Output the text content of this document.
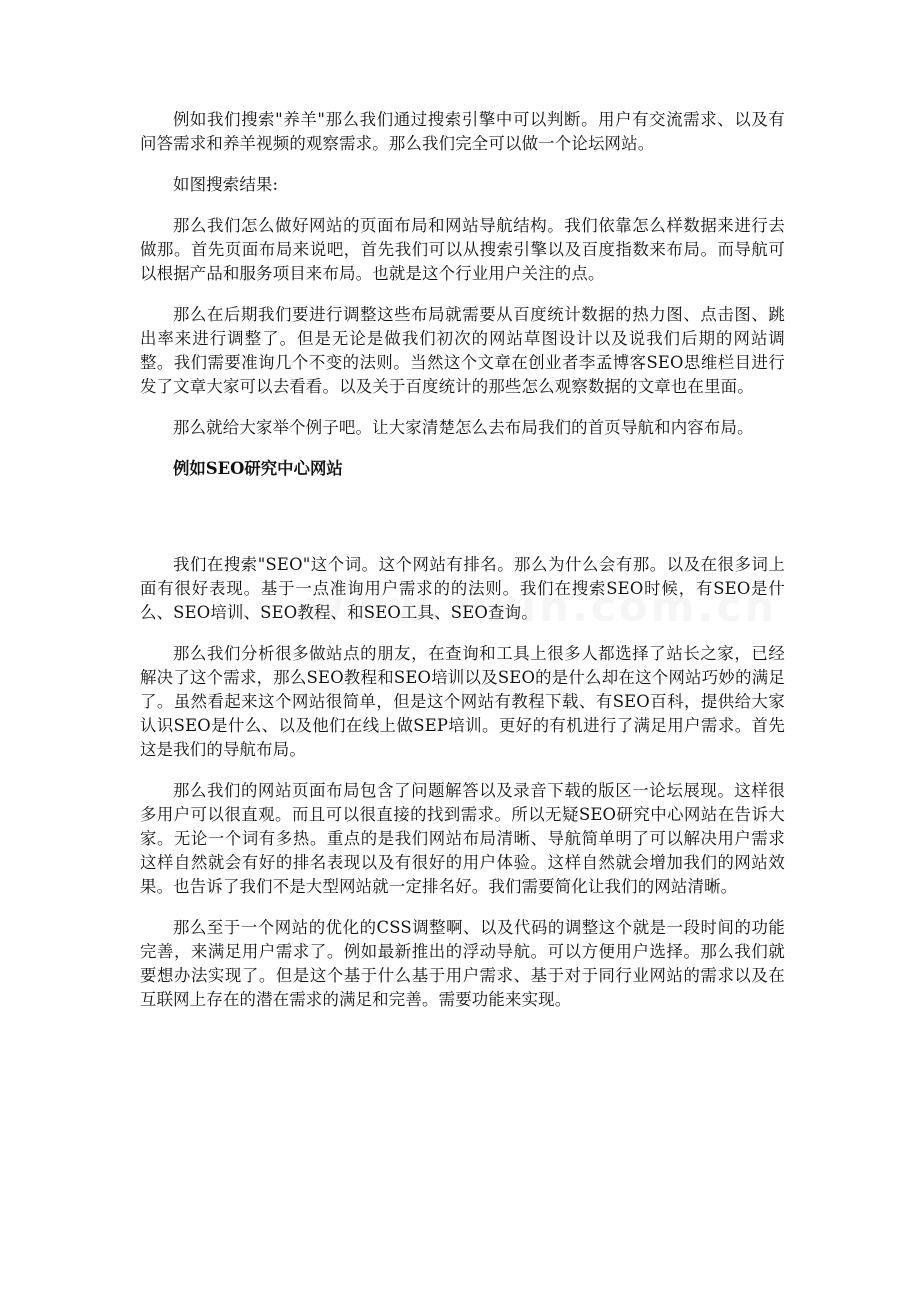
例如我们搜索"养羊"那么我们通过搜索引擎中可以判断。用户有交流需求、以及有问答需求和养羊视频的观察需求。那么我们完全可以做一个论坛网站。

如图搜索结果:

那么我们怎么做好网站的页面布局和网站导航结构。我们依靠怎么样数据来进行去做那。首先页面布局来说吧，首先我们可以从搜索引擎以及百度指数来布局。而导航可以根据产品和服务项目来布局。也就是这个行业用户关注的点。

那么在后期我们要进行调整这些布局就需要从百度统计数据的热力图、点击图、跳出率来进行调整了。但是无论是做我们初次的网站草图设计以及说我们后期的网站调整。我们需要准询几个不变的法则。当然这个文章在创业者李孟博客SEO思维栏目进行发了文章大家可以去看看。以及关于百度统计的那些怎么观察数据的文章也在里面。

那么就给大家举个例子吧。让大家清楚怎么去布局我们的首页导航和内容布局。

例如SEO研究中心网站

我们在搜索"SEO"这个词。这个网站有排名。那么为什么会有那。以及在很多词上面有很好表现。基于一点准询用户需求的的法则。我们在搜索SEO时候，有SEO是什么、SEO培训、SEO教程、和SEO工具、SEO查询。

那么我们分析很多做站点的朋友，在查询和工具上很多人都选择了站长之家，已经解决了这个需求，那么SEO教程和SEO培训以及SEO的是什么却在这个网站巧妙的满足了。虽然看起来这个网站很简单，但是这个网站有教程下载、有SEO百科，提供给大家认识SEO是什么、以及他们在线上做SEP培训。更好的有机进行了满足用户需求。首先这是我们的导航布局。

那么我们的网站页面布局包含了问题解答以及录音下载的版区一论坛展现。这样很多用户可以很直观。而且可以很直接的找到需求。所以无疑SEO研究中心网站在告诉大家。无论一个词有多热。重点的是我们网站布局清晰、导航简单明了可以解决用户需求这样自然就会有好的排名表现以及有很好的用户体验。这样自然就会增加我们的网站效果。也告诉了我们不是大型网站就一定排名好。我们需要简化让我们的网站清晰。

那么至于一个网站的优化的CSS调整啊、以及代码的调整这个就是一段时间的功能完善，来满足用户需求了。例如最新推出的浮动导航。可以方便用户选择。那么我们就要想办法实现了。但是这个基于什么基于用户需求、基于对于同行业网站的需求以及在互联网上存在的潜在需求的满足和完善。需要功能来实现。
